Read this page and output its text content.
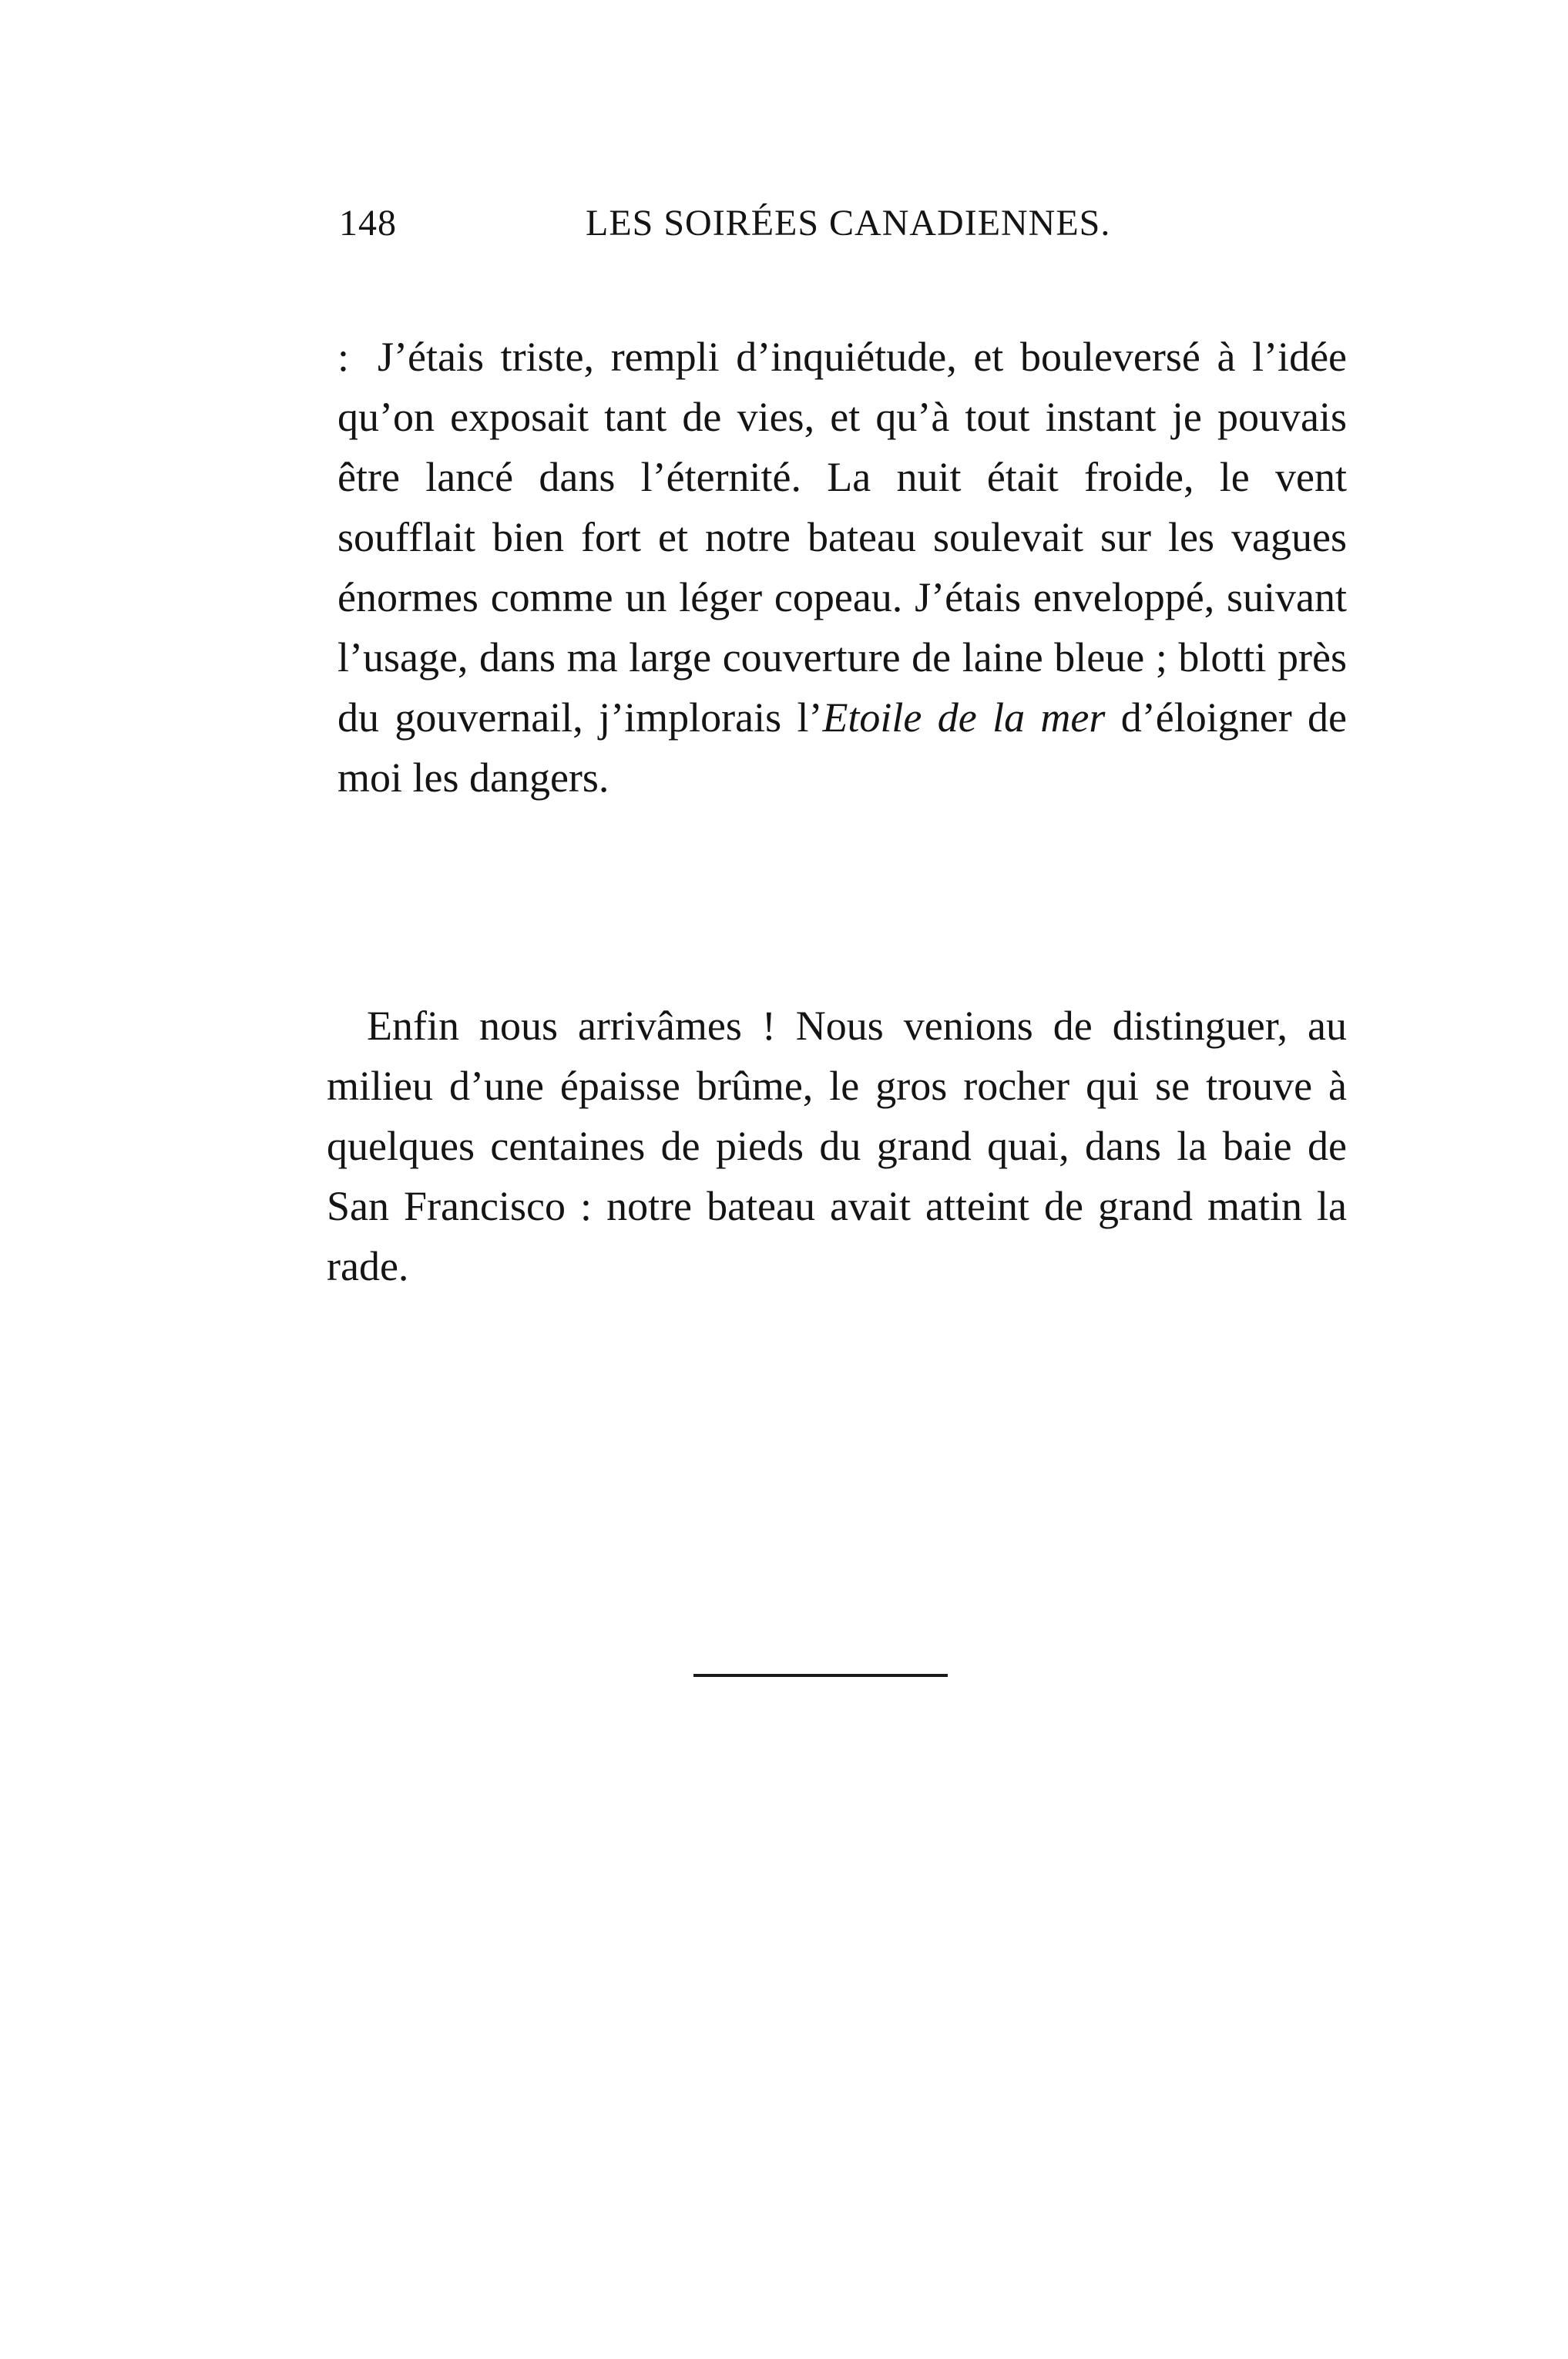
148	LES SOIRÉES CANADIENNES.

: J’étais triste, rempli d’inquiétude, et bouleversé à l’idée qu’on exposait tant de vies, et qu’à tout instant je pouvais être lancé dans l’éternité. La nuit était froide, le vent soufflait bien fort et notre bateau soulevait sur les vagues énormes comme un léger copeau. J’étais enveloppé, suivant l’usage, dans ma large couverture de laine bleue ; blotti près du gouvernail, j’implorais l’Etoile de la mer d’éloigner de moi les dangers.

Enfin nous arrivâmes ! Nous venions de distinguer, au milieu d’une épaisse brûme, le gros rocher qui se trouve à quelques centaines de pieds du grand quai, dans la baie de San Francisco : notre bateau avait atteint de grand matin la rade.
